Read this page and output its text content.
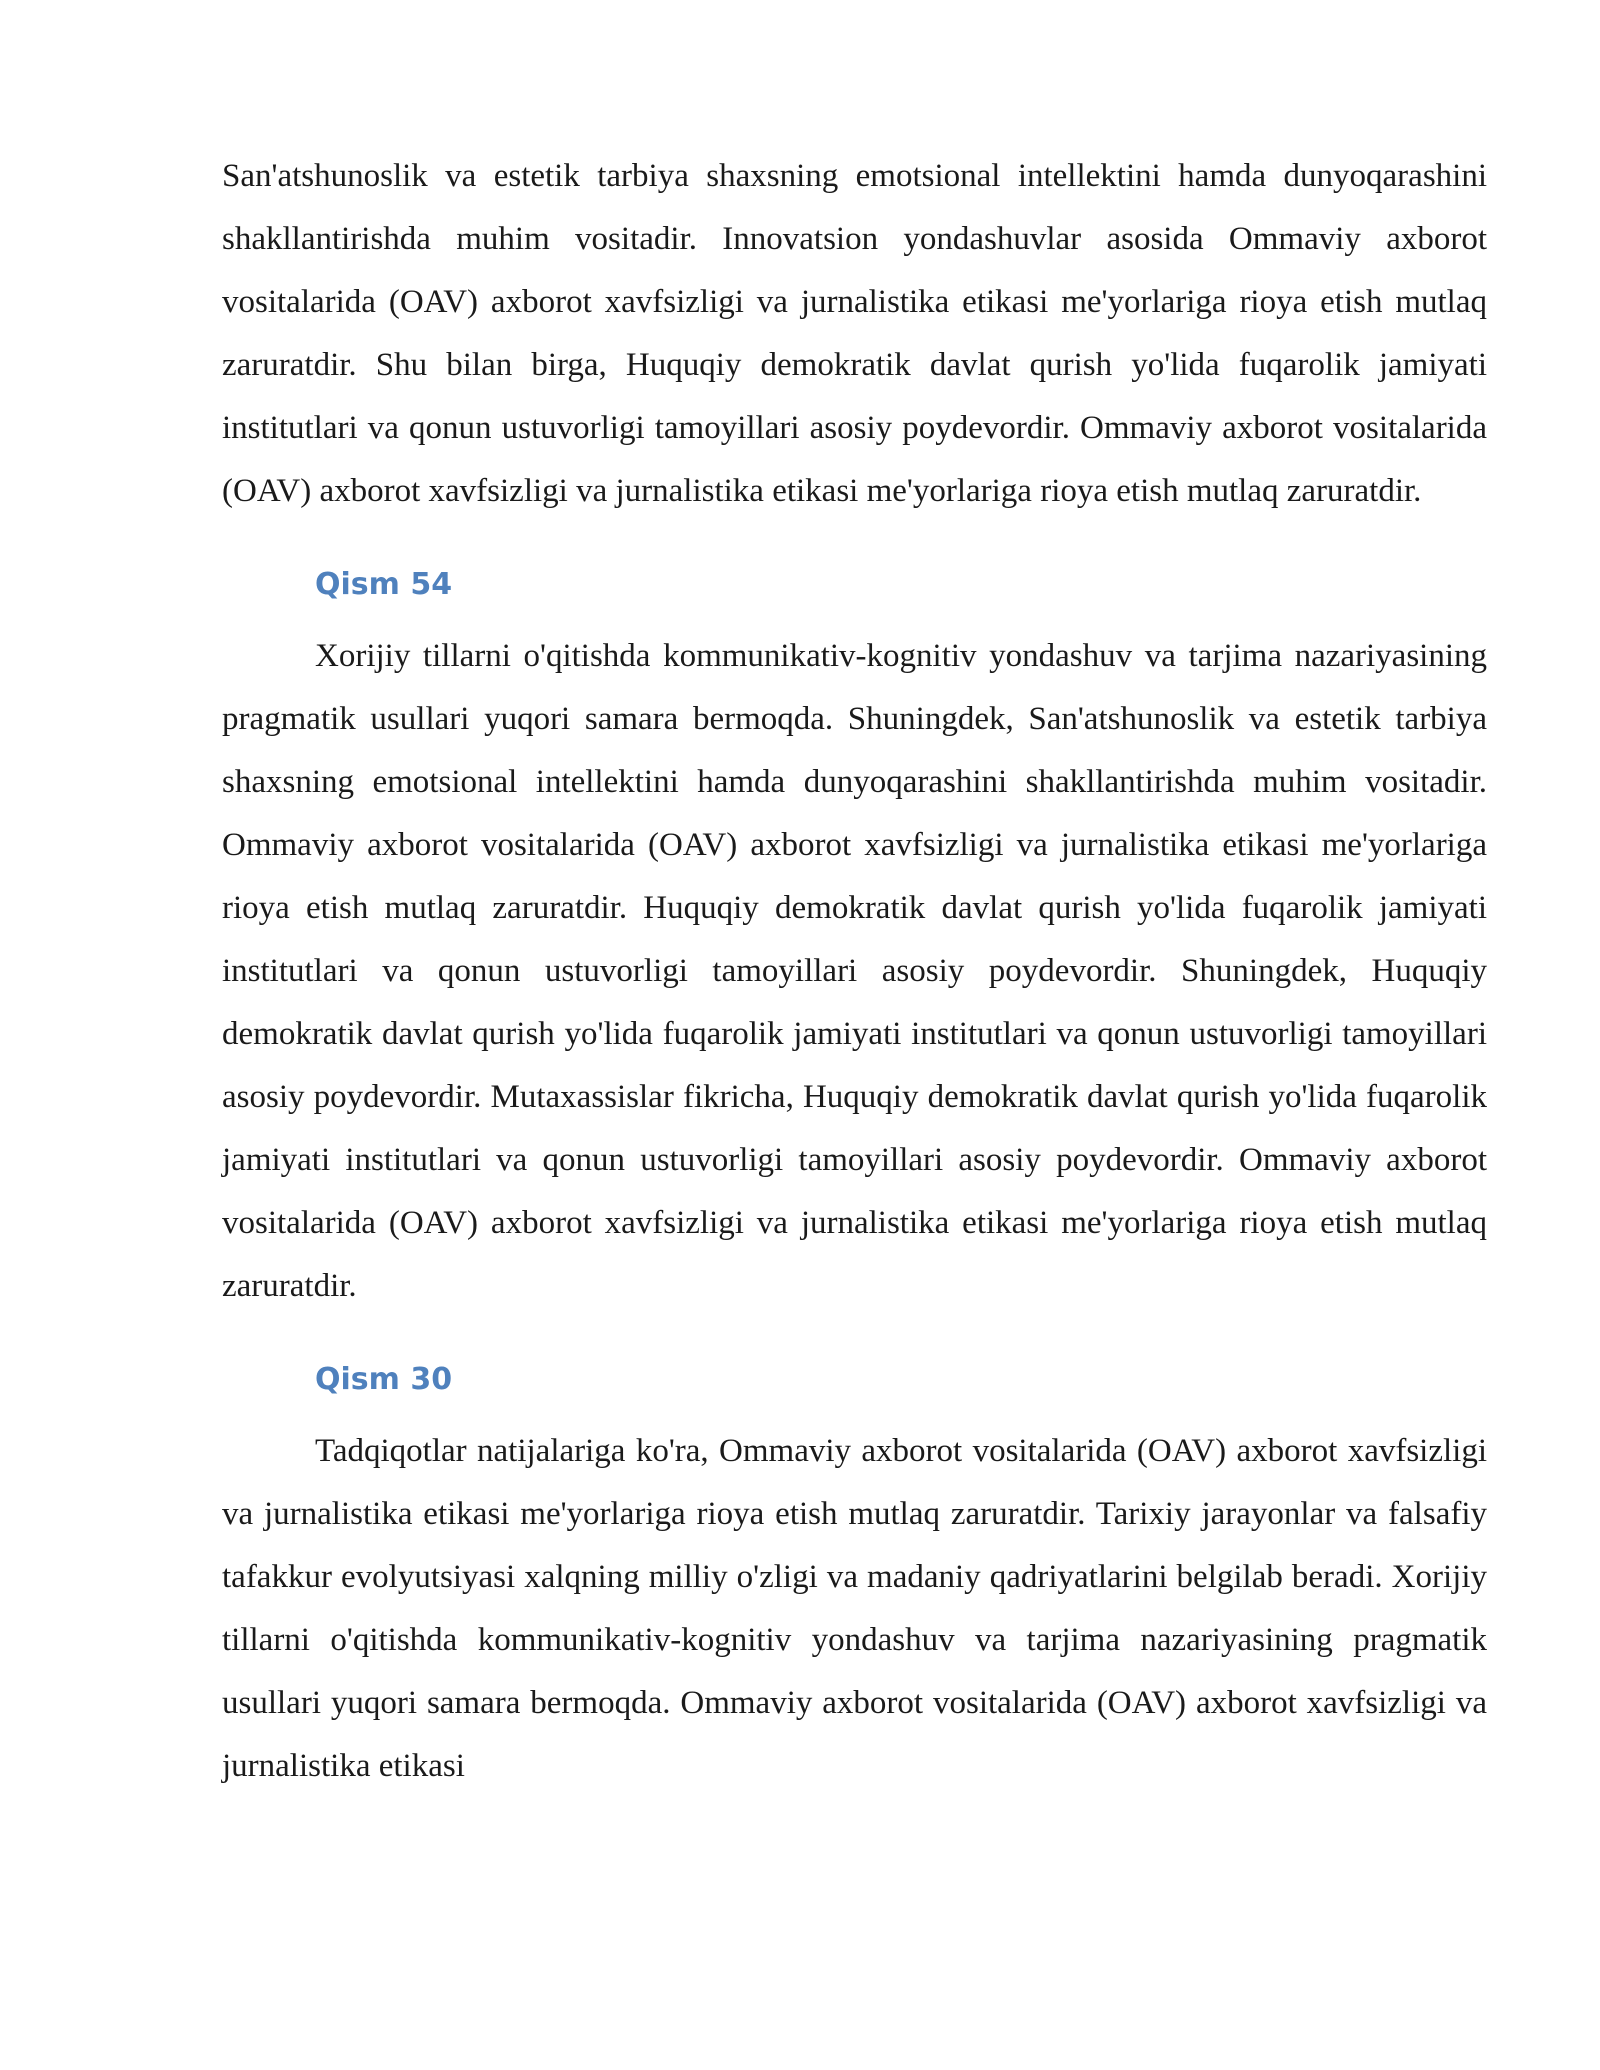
San'atshunoslik va estetik tarbiya shaxsning emotsional intellektini hamda dunyoqarashini shakllantirishda muhim vositadir. Innovatsion yondashuvlar asosida Ommaviy axborot vositalarida (OAV) axborot xavfsizligi va jurnalistika etikasi me'yorlariga rioya etish mutlaq zaruratdir. Shu bilan birga, Huquqiy demokratik davlat qurish yo'lida fuqarolik jamiyati institutlari va qonun ustuvorligi tamoyillari asosiy poydevordir. Ommaviy axborot vositalarida (OAV) axborot xavfsizligi va jurnalistika etikasi me'yorlariga rioya etish mutlaq zaruratdir.

Qism 54

Xorijiy tillarni o'qitishda kommunikativ-kognitiv yondashuv va tarjima nazariyasining pragmatik usullari yuqori samara bermoqda. Shuningdek, San'atshunoslik va estetik tarbiya shaxsning emotsional intellektini hamda dunyoqarashini shakllantirishda muhim vositadir. Ommaviy axborot vositalarida (OAV) axborot xavfsizligi va jurnalistika etikasi me'yorlariga rioya etish mutlaq zaruratdir. Huquqiy demokratik davlat qurish yo'lida fuqarolik jamiyati institutlari va qonun ustuvorligi tamoyillari asosiy poydevordir. Shuningdek, Huquqiy demokratik davlat qurish yo'lida fuqarolik jamiyati institutlari va qonun ustuvorligi tamoyillari asosiy poydevordir. Mutaxassislar fikricha, Huquqiy demokratik davlat qurish yo'lida fuqarolik jamiyati institutlari va qonun ustuvorligi tamoyillari asosiy poydevordir. Ommaviy axborot vositalarida (OAV) axborot xavfsizligi va jurnalistika etikasi me'yorlariga rioya etish mutlaq zaruratdir.

Qism 30

Tadqiqotlar natijalariga ko'ra, Ommaviy axborot vositalarida (OAV) axborot xavfsizligi va jurnalistika etikasi me'yorlariga rioya etish mutlaq zaruratdir. Tarixiy jarayonlar va falsafiy tafakkur evolyutsiyasi xalqning milliy o'zligi va madaniy qadriyatlarini belgilab beradi. Xorijiy tillarni o'qitishda kommunikativ-kognitiv yondashuv va tarjima nazariyasining pragmatik usullari yuqori samara bermoqda. Ommaviy axborot vositalarida (OAV) axborot xavfsizligi va jurnalistika etikasi
